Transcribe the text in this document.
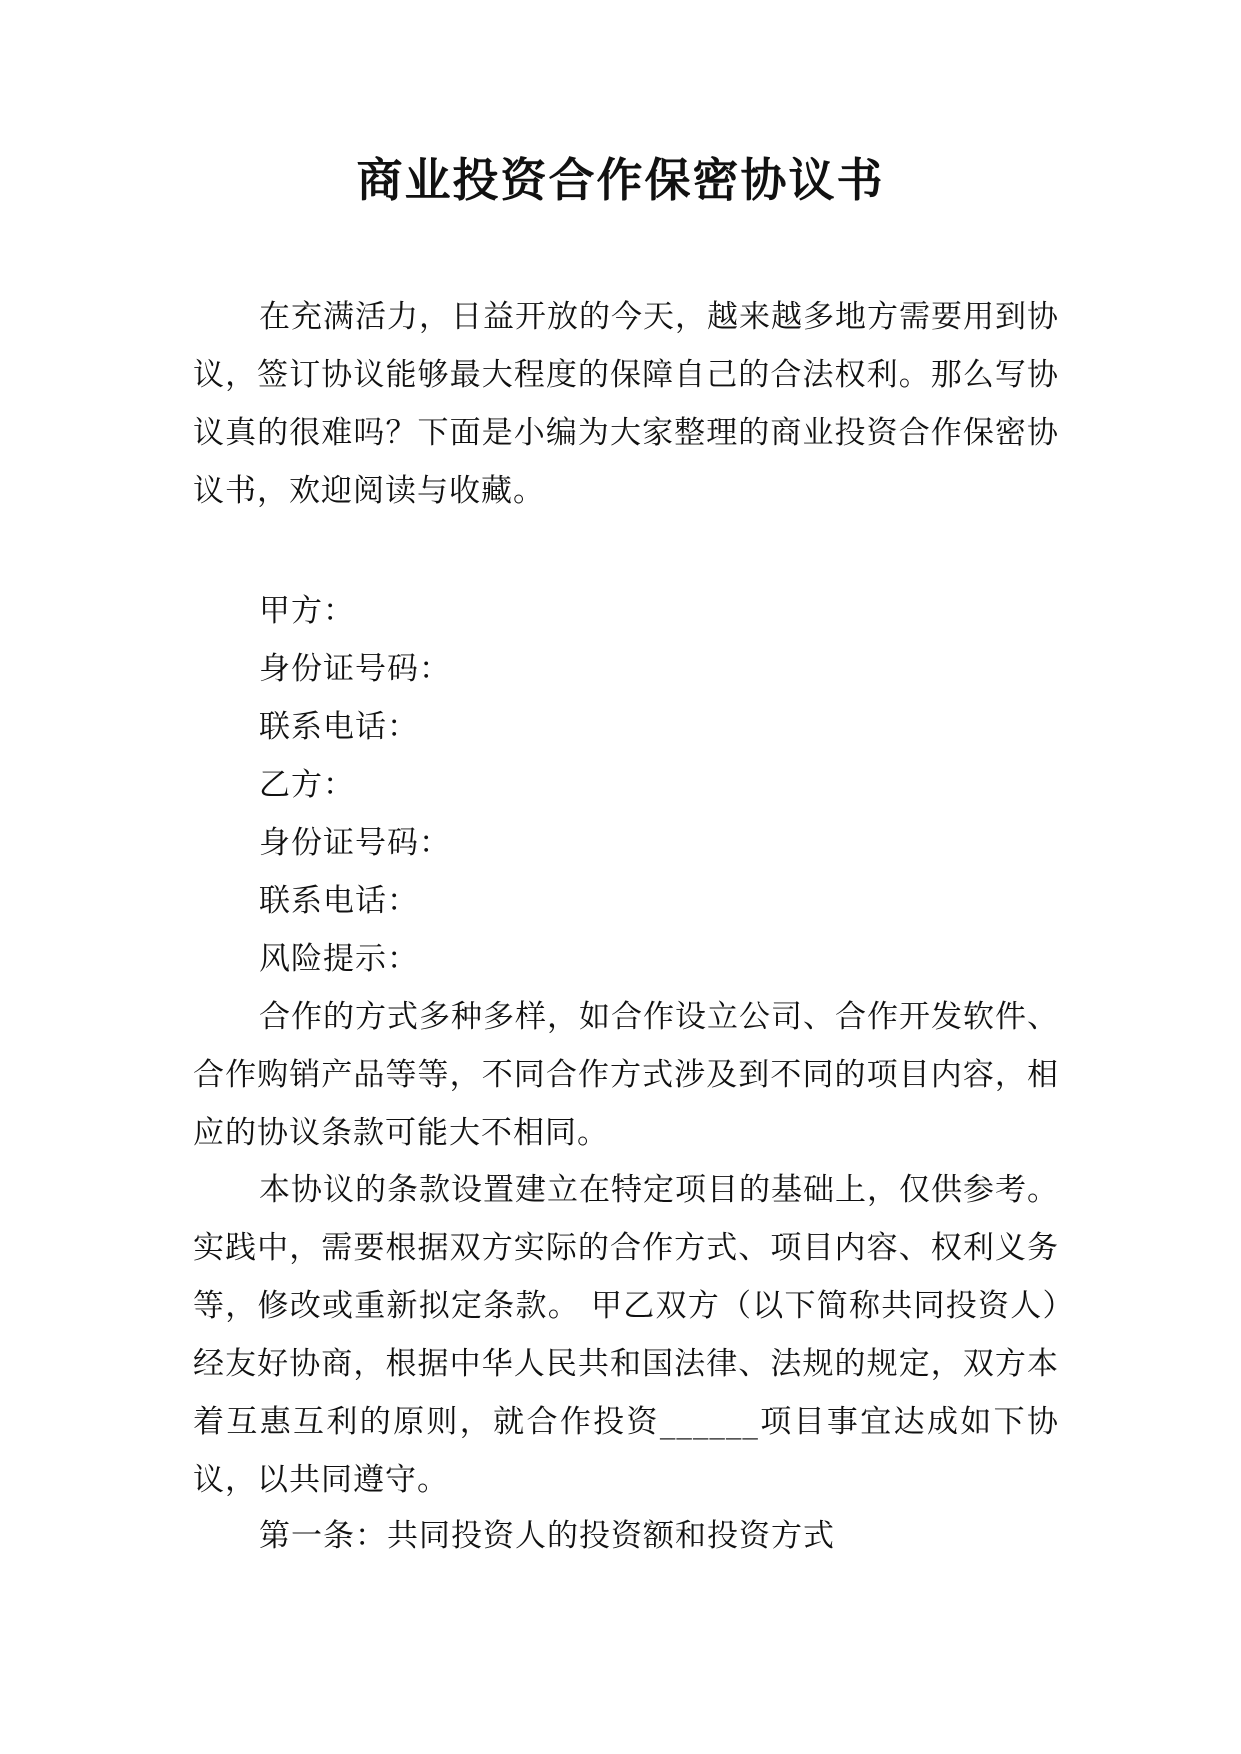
商业投资合作保密协议书

在充满活力，日益开放的今天，越来越多地方需要用到协议，签订协议能够最大程度的保障自己的合法权利。那么写协议真的很难吗？下面是小编为大家整理的商业投资合作保密协议书，欢迎阅读与收藏。

甲方：
身份证号码：
联系电话：
乙方：
身份证号码：
联系电话：
风险提示：

合作的方式多种多样，如合作设立公司、合作开发软件、合作购销产品等等，不同合作方式涉及到不同的项目内容，相应的协议条款可能大不相同。

本协议的条款设置建立在特定项目的基础上，仅供参考。实践中，需要根据双方实际的合作方式、项目内容、权利义务等，修改或重新拟定条款。 甲乙双方（以下简称共同投资人）经友好协商，根据中华人民共和国法律、法规的规定，双方本着互惠互利的原则，就合作投资______项目事宜达成如下协议，以共同遵守。

第一条：共同投资人的投资额和投资方式
